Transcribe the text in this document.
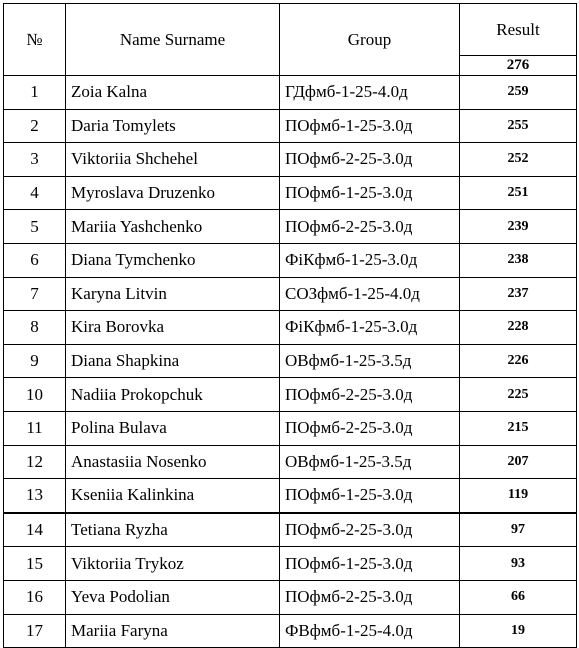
№	Name Surname	Group	Result
			276
1	Zoia Kalna	ГДфмб-1-25-4.0д	259
2	Daria Tomylets	ПОфмб-1-25-3.0д	255
3	Viktoriia Shchehel	ПОфмб-2-25-3.0д	252
4	Myroslava Druzenko	ПОфмб-1-25-3.0д	251
5	Mariia Yashchenko	ПОфмб-2-25-3.0д	239
6	Diana Tymchenko	ФіКфмб-1-25-3.0д	238
7	Karyna Litvin	СОЗфмб-1-25-4.0д	237
8	Kira Borovka	ФіКфмб-1-25-3.0д	228
9	Diana Shapkina	ОВфмб-1-25-3.5д	226
10	Nadiia Prokopchuk	ПОфмб-2-25-3.0д	225
11	Polina Bulava	ПОфмб-2-25-3.0д	215
12	Anastasiia Nosenko	ОВфмб-1-25-3.5д	207
13	Kseniia Kalinkina	ПОфмб-1-25-3.0д	119
14	Tetiana Ryzha	ПОфмб-2-25-3.0д	97
15	Viktoriia Trykoz	ПОфмб-1-25-3.0д	93
16	Yeva Podolian	ПОфмб-2-25-3.0д	66
17	Mariia Faryna	ФВфмб-1-25-4.0д	19
